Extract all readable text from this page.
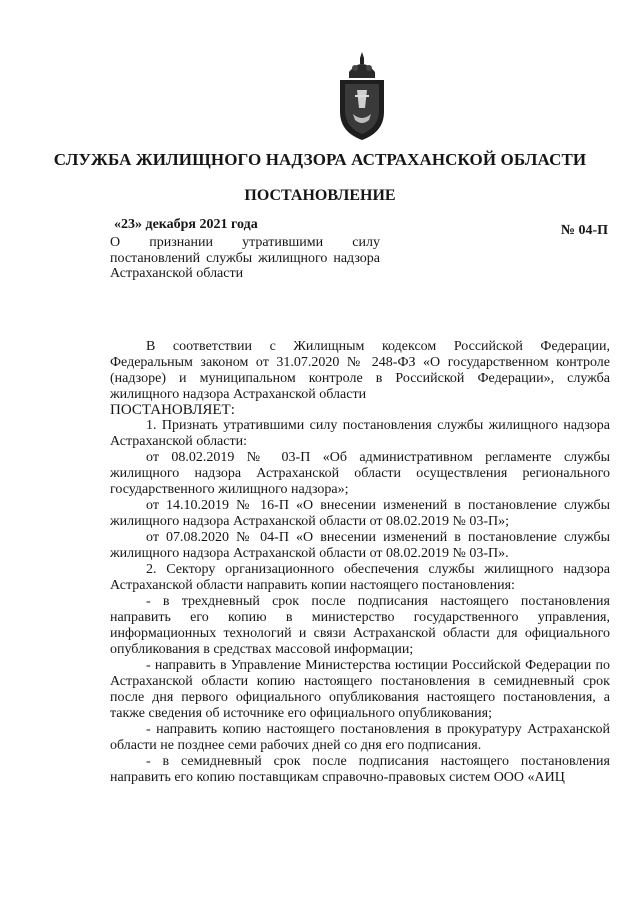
СЛУЖБА ЖИЛИЩНОГО НАДЗОРА АСТРАХАНСКОЙ ОБЛАСТИ
ПОСТАНОВЛЕНИЕ
«23» декабря 2021 года	№ 04-П
О признании утратившими силу постановлений службы жилищного надзора Астраханской области

В соответствии с Жилищным кодексом Российской Федерации, Федеральным законом от 31.07.2020 № 248-ФЗ «О государственном контроле (надзоре) и муниципальном контроле в Российской Федерации», служба жилищного надзора Астраханской области

ПОСТАНОВЛЯЕТ:

1. Признать утратившими силу постановления службы жилищного надзора Астраханской области:

от 08.02.2019 № 03-П «Об административном регламенте службы жилищного надзора Астраханской области осуществления регионального государственного жилищного надзора»;

от 14.10.2019 № 16-П «О внесении изменений в постановление службы жилищного надзора Астраханской области от 08.02.2019 № 03-П»;

от 07.08.2020 № 04-П «О внесении изменений в постановление службы жилищного надзора Астраханской области от 08.02.2019 № 03-П».

2. Сектору организационного обеспечения службы жилищного надзора Астраханской области направить копии настоящего постановления:

- в трехдневный срок после подписания настоящего постановления направить его копию в министерство государственного управления, информационных технологий и связи Астраханской области для официального опубликования в средствах массовой информации;

- направить в Управление Министерства юстиции Российской Федерации по Астраханской области копию настоящего постановления в семидневный срок после дня первого официального опубликования настоящего постановления, а также сведения об источнике его официального опубликования;

- направить копию настоящего постановления в прокуратуру Астраханской области не позднее семи рабочих дней со дня его подписания.

- в семидневный срок после подписания настоящего постановления направить его копию поставщикам справочно-правовых систем ООО «АИЦ
